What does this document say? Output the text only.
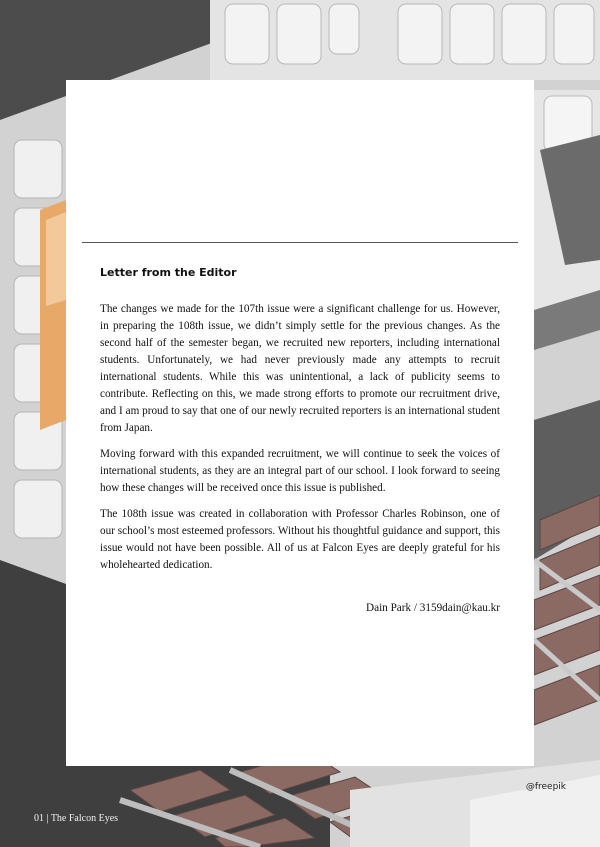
Letter from the Editor

The changes we made for the 107th issue were a significant challenge for us. However, in preparing the 108th issue, we didn’t simply settle for the previous changes. As the second half of the semester began, we recruited new reporters, including international students. Unfortunately, we had never previously made any attempts to recruit international students. While this was unintentional, a lack of publicity seems to contribute. Reflecting on this, we made strong efforts to promote our recruitment drive, and I am proud to say that one of our newly recruited reporters is an international student from Japan.

Moving forward with this expanded recruitment, we will continue to seek the voices of international students, as they are an integral part of our school. I look forward to seeing how these changes will be received once this issue is published.

The 108th issue was created in collaboration with Professor Charles Robinson, one of our school’s most esteemed professors. Without his thoughtful guidance and support, this issue would not have been possible. All of us at Falcon Eyes are deeply grateful for his wholehearted dedication.

Dain Park / 3159dain@kau.kr
@freepik
01 | The Falcon Eyes
